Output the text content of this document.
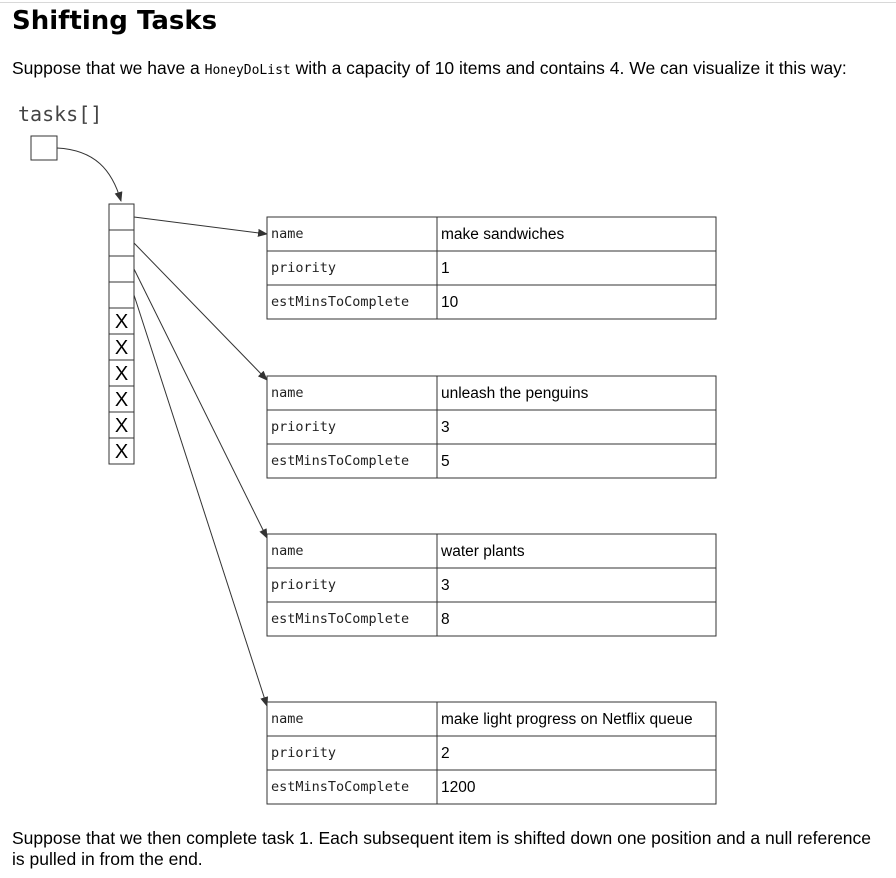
Shifting Tasks

Suppose that we have a HoneyDoList with a capacity of 10 items and contains 4. We can visualize it this way:

tasks[]
X
X
X
X
X
X
name	make sandwiches
priority	1
estMinsToComplete 10
name	unleash the penguins
priority	3
estMinsToComplete 5
name	water plants
priority	3
estMinsToComplete 8
name	make light progress on Netflix queue
priority	2
estMinsToComplete 1200

Suppose that we then complete task 1. Each subsequent item is shifted down one position and a null reference is pulled in from the end.
